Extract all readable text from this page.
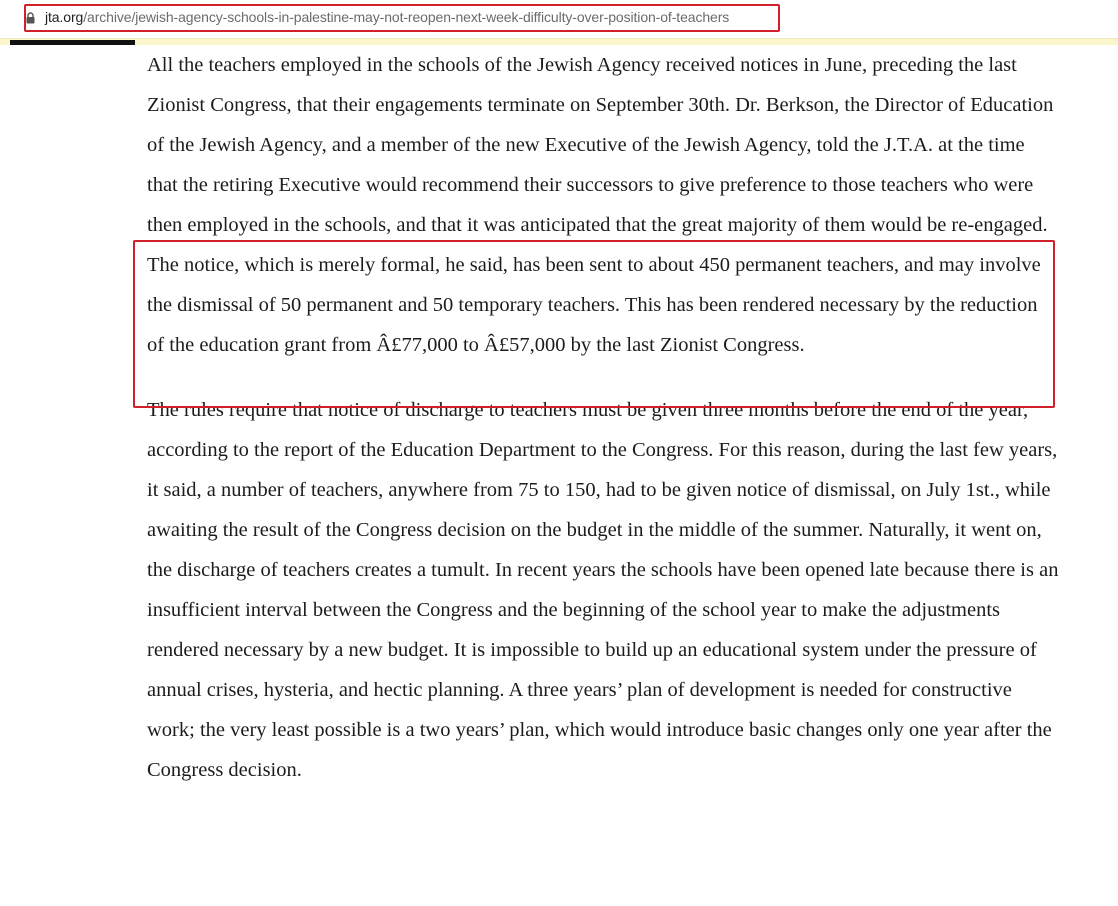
jta.org/archive/jewish-agency-schools-in-palestine-may-not-reopen-next-week-difficulty-over-position-of-teachers

All the teachers employed in the schools of the Jewish Agency received notices in June, preceding the last Zionist Congress, that their engagements terminate on September 30th. Dr. Berkson, the Director of Education of the Jewish Agency, and a member of the new Executive of the Jewish Agency, told the J.T.A. at the time that the retiring Executive would recommend their successors to give preference to those teachers who were then employed in the schools, and that it was anticipated that the great majority of them would be re-engaged. The notice, which is merely formal, he said, has been sent to about 450 permanent teachers, and may involve the dismissal of 50 permanent and 50 temporary teachers. This has been rendered necessary by the reduction of the education grant from Â£77,000 to Â£57,000 by the last Zionist Congress.

The rules require that notice of discharge to teachers must be given three months before the end of the year, according to the report of the Education Department to the Congress. For this reason, during the last few years, it said, a number of teachers, anywhere from 75 to 150, had to be given notice of dismissal, on July 1st., while awaiting the result of the Congress decision on the budget in the middle of the summer. Naturally, it went on, the discharge of teachers creates a tumult. In recent years the schools have been opened late because there is an insufficient interval between the Congress and the beginning of the school year to make the adjustments rendered necessary by a new budget. It is impossible to build up an educational system under the pressure of annual crises, hysteria, and hectic planning. A three years’ plan of development is needed for constructive work; the very least possible is a two years’ plan, which would introduce basic changes only one year after the Congress decision.
